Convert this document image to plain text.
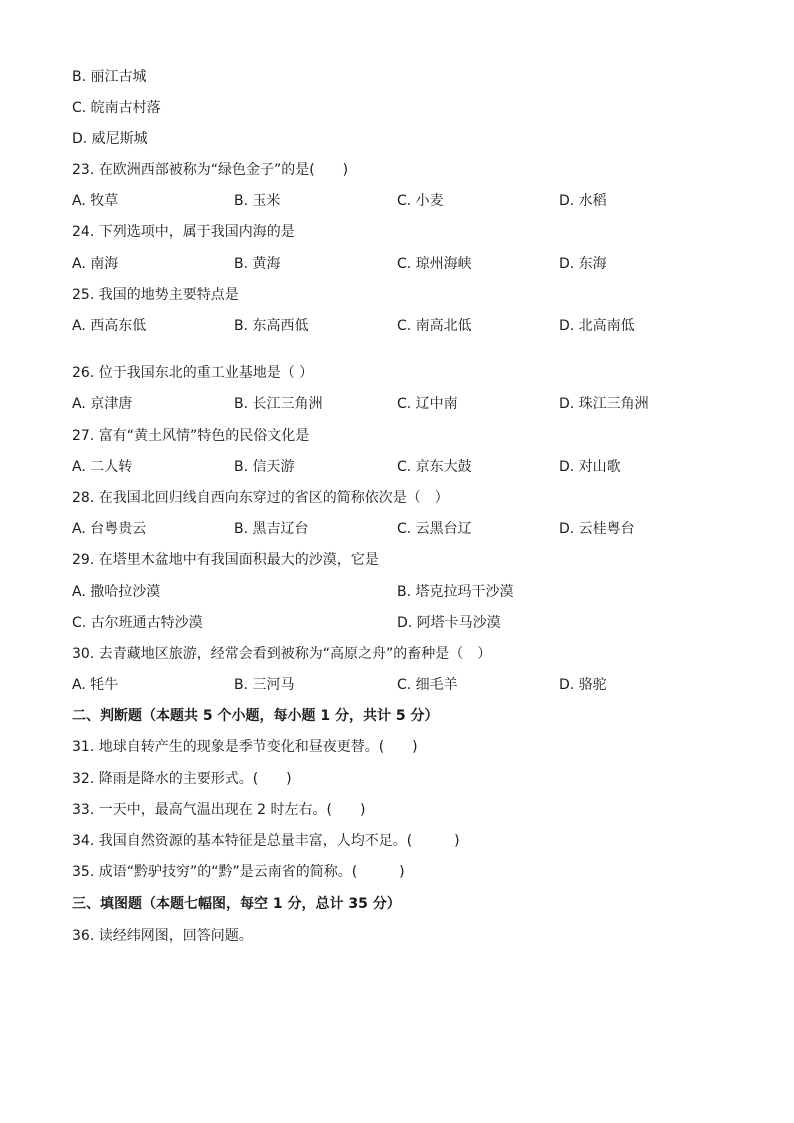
B. 丽江古城
C. 皖南古村落
D. 威尼斯城
23. 在欧洲西部被称为“绿色金子”的是(　　)
A. 牧草	B. 玉米	C. 小麦	D. 水稻
24. 下列选项中，属于我国内海的是
A. 南海	B. 黄海	C. 琼州海峡	D. 东海
25. 我国的地势主要特点是
A. 西高东低	B. 东高西低	C. 南高北低	D. 北高南低
26. 位于我国东北的重工业基地是（ ）
A. 京津唐	B. 长江三角洲	C. 辽中南	D. 珠江三角洲
27. 富有“黄土风情”特色的民俗文化是
A. 二人转	B. 信天游	C. 京东大鼓	D. 对山歌
28. 在我国北回归线自西向东穿过的省区的简称依次是（　）
A. 台粤贵云	B. 黑吉辽台	C. 云黑台辽	D. 云桂粤台
29. 在塔里木盆地中有我国面积最大的沙漠，它是
A. 撒哈拉沙漠	B. 塔克拉玛干沙漠
C. 古尔班通古特沙漠	D. 阿塔卡马沙漠
30. 去青藏地区旅游，经常会看到被称为“高原之舟”的畜种是（　）
A. 牦牛	B. 三河马	C. 细毛羊	D. 骆驼
二、判断题（本题共 5 个小题，每小题 1 分，共计 5 分）
31. 地球自转产生的现象是季节变化和昼夜更替。(　　)
32. 降雨是降水的主要形式。(　　)
33. 一天中，最高气温出现在 2 时左右。(　　)
34. 我国自然资源的基本特征是总量丰富，人均不足。(　　　)
35. 成语“黔驴技穷”的“黔”是云南省的简称。(　　　)
三、填图题（本题七幅图，每空 1 分，总计 35 分）
36. 读经纬网图，回答问题。
